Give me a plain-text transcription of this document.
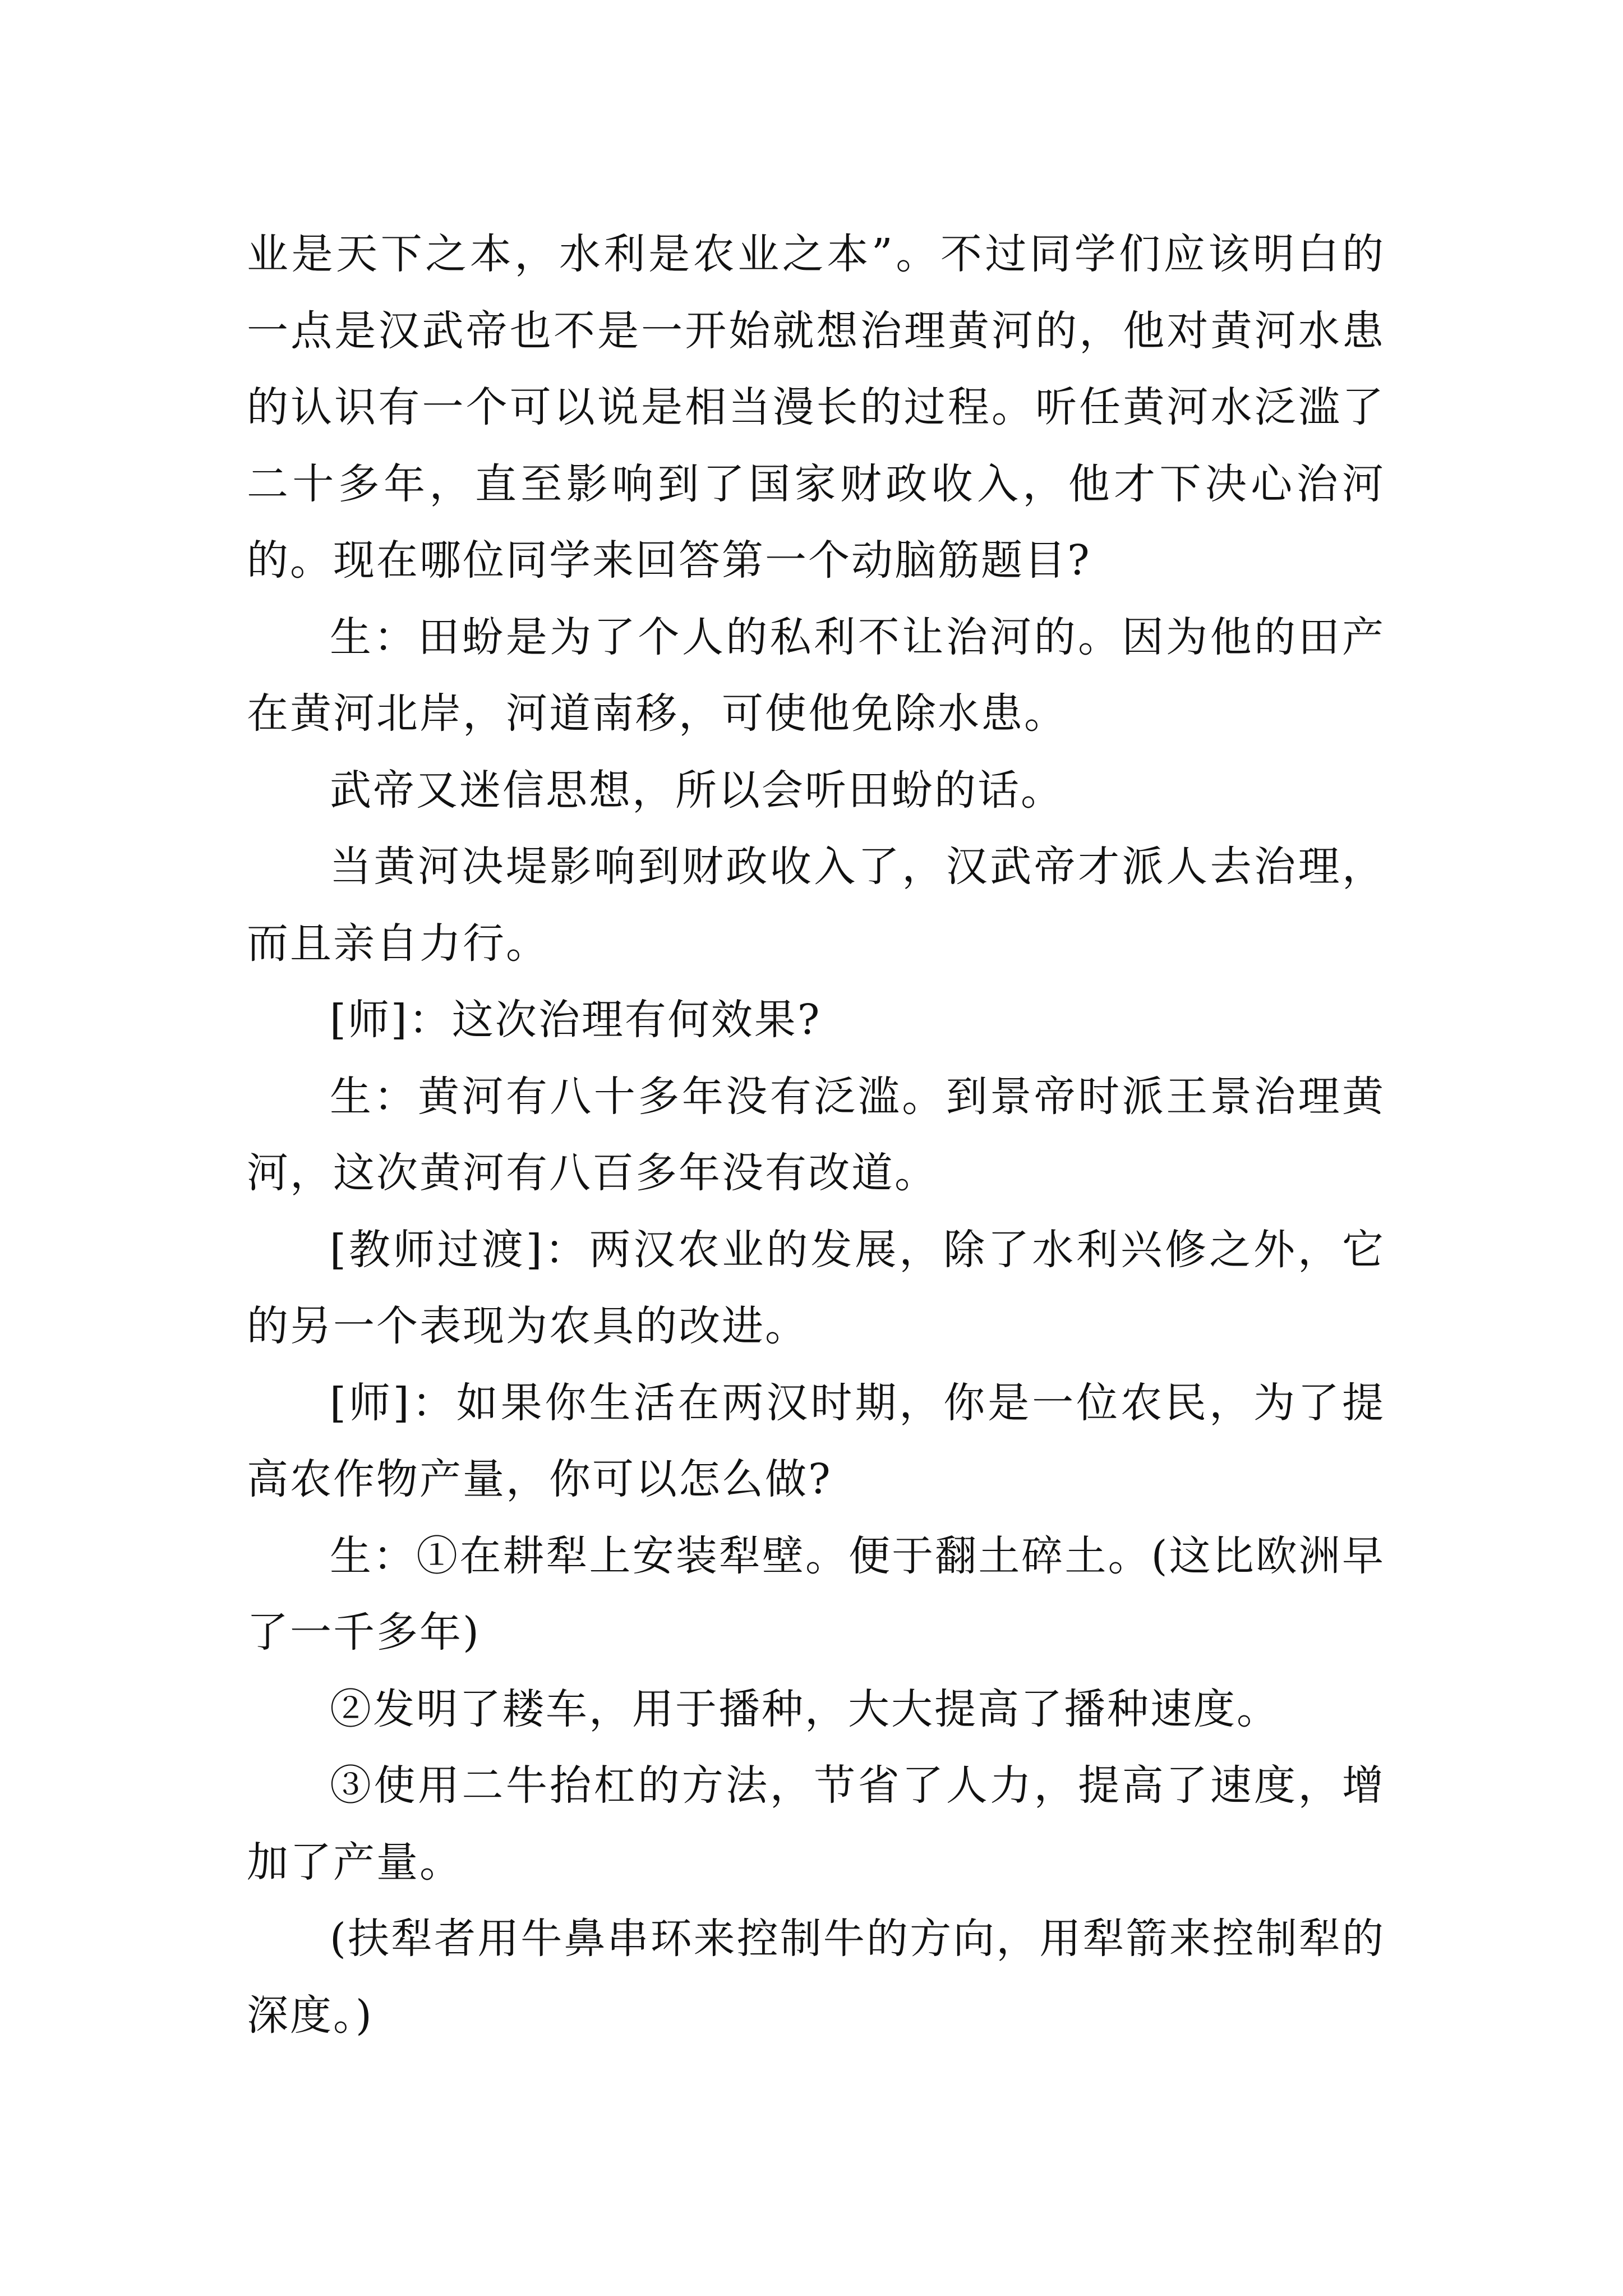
业是天下之本，水利是农业之本”。不过同学们应该明白的一点是汉武帝也不是一开始就想治理黄河的，他对黄河水患的认识有一个可以说是相当漫长的过程。听任黄河水泛滥了二十多年，直至影响到了国家财政收入，他才下决心治河的。现在哪位同学来回答第一个动脑筋题目?

生：田蚡是为了个人的私利不让治河的。因为他的田产在黄河北岸，河道南移，可使他免除水患。

武帝又迷信思想，所以会听田蚡的话。

当黄河决堤影响到财政收入了，汉武帝才派人去治理，而且亲自力行。

[师]：这次治理有何效果?

生：黄河有八十多年没有泛滥。到景帝时派王景治理黄河，这次黄河有八百多年没有改道。

[教师过渡]：两汉农业的发展，除了水利兴修之外，它的另一个表现为农具的改进。

[师]：如果你生活在两汉时期，你是一位农民，为了提高农作物产量，你可以怎么做?

生：①在耕犁上安装犁壁。便于翻土碎土。(这比欧洲早了一千多年)

②发明了耧车，用于播种，大大提高了播种速度。

③使用二牛抬杠的方法，节省了人力，提高了速度，增加了产量。

(扶犁者用牛鼻串环来控制牛的方向，用犁箭来控制犁的深度。)
